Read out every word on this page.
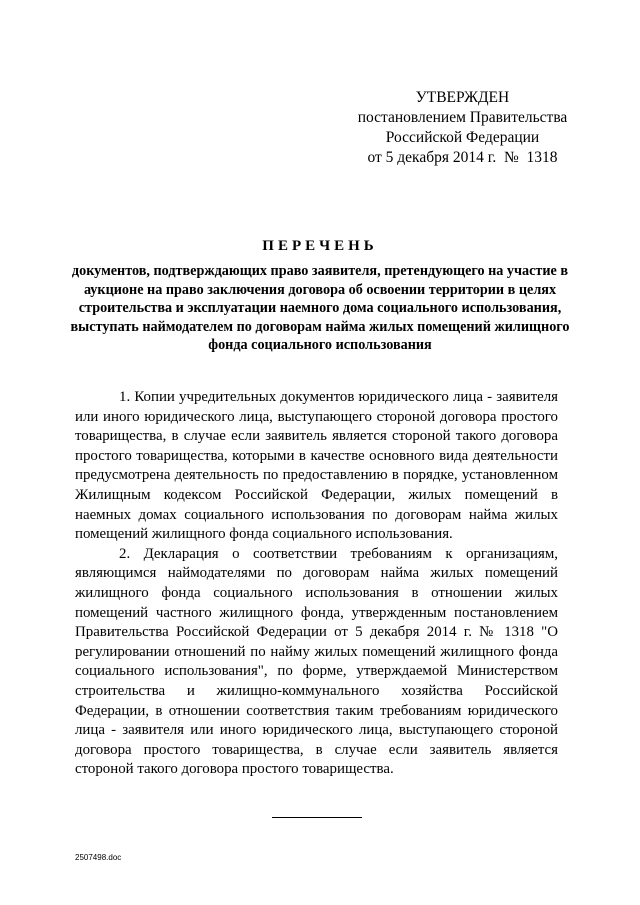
УТВЕРЖДЕН
постановлением Правительства
Российской Федерации
от 5 декабря 2014 г.  №  1318
ПЕРЕЧЕНЬ
документов, подтверждающих право заявителя, претендующего на участие в аукционе на право заключения договора об освоении территории в целях строительства и эксплуатации наемного дома социального использования, выступать наймодателем по договорам найма жилых помещений жилищного фонда социального использования

1. Копии учредительных документов юридического лица - заявителя или иного юридического лица, выступающего стороной договора простого товарищества, в случае если заявитель является стороной такого договора простого товарищества, которыми в качестве основного вида деятельности предусмотрена деятельность по предоставлению в порядке, установленном Жилищным кодексом Российской Федерации, жилых помещений в наемных домах социального использования по договорам найма жилых помещений жилищного фонда социального использования.

2. Декларация о соответствии требованиям к организациям, являющимся наймодателями по договорам найма жилых помещений жилищного фонда социального использования в отношении жилых помещений частного жилищного фонда, утвержденным постановлением Правительства Российской Федерации от 5 декабря 2014 г. № 1318 "О регулировании отношений по найму жилых помещений жилищного фонда социального использования", по форме, утверждаемой Министерством строительства и жилищно-коммунального хозяйства Российской Федерации, в отношении соответствия таким требованиям юридического лица - заявителя или иного юридического лица, выступающего стороной договора простого товарищества, в случае если заявитель является стороной такого договора простого товарищества.

2507498.doc
